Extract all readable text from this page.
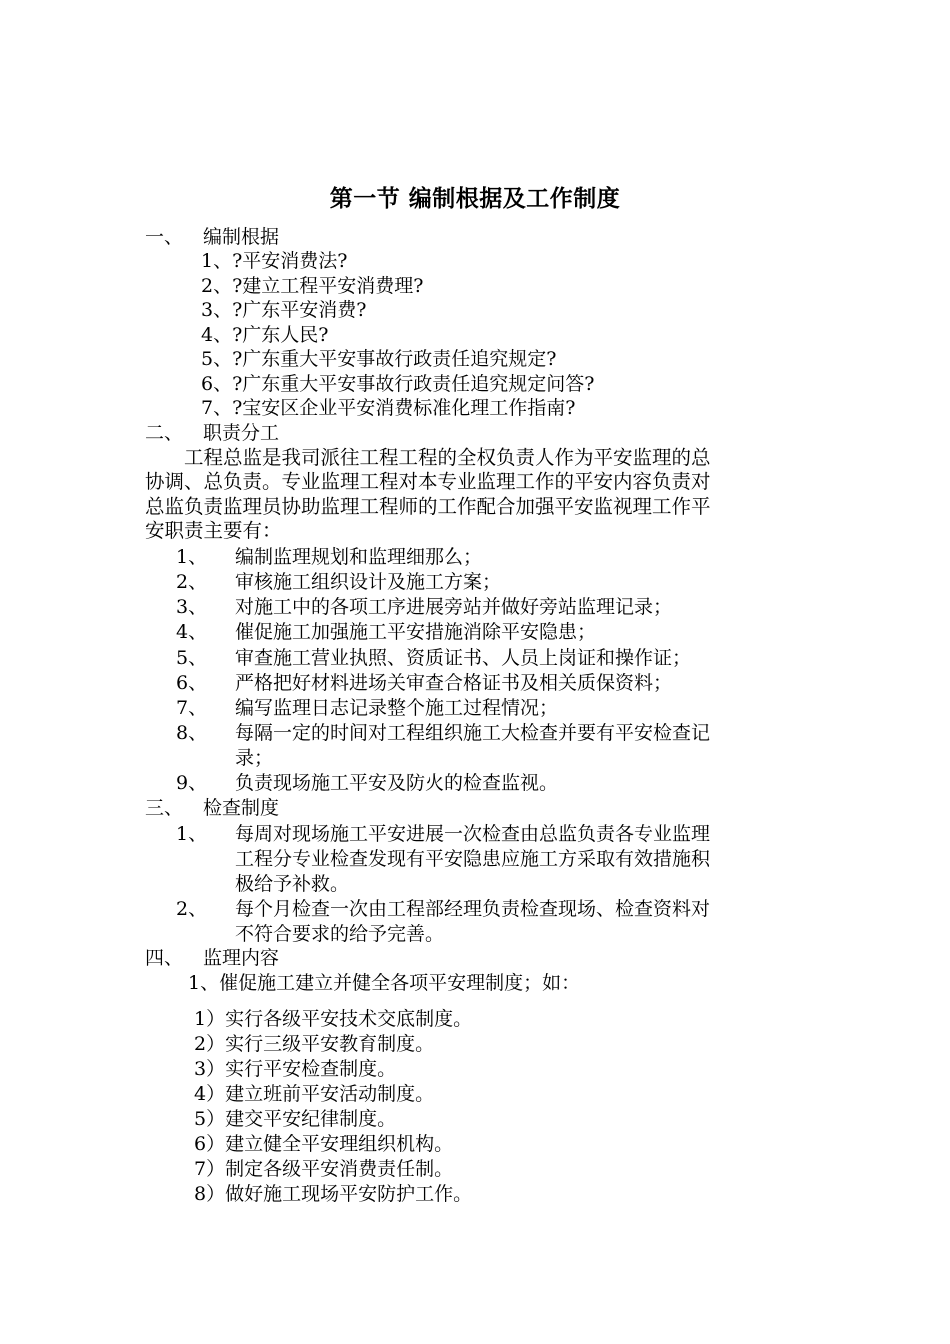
第一节 编制根据及工作制度
一、 编制根据
1、?平安消费法?
2、?建立工程平安消费理?
3、?广东平安消费?
4、?广东人民?
5、?广东重大平安事故行政责任追究规定?
6、?广东重大平安事故行政责任追究规定问答?
7、?宝安区企业平安消费标准化理工作指南?
二、 职责分工

　　工程总监是我司派往工程工程的全权负责人作为平安监理的总

协调、总负责。专业监理工程对本专业监理工作的平安内容负责对

总监负责监理员协助监理工程师的工作配合加强平安监视理工作平

安职责主要有：

1、 编制监理规划和监理细那么；
2、 审核施工组织设计及施工方案；
3、 对施工中的各项工序进展旁站并做好旁站监理记录；
4、 催促施工加强施工平安措施消除平安隐患；
5、 审查施工营业执照、资质证书、人员上岗证和操作证；
6、 严格把好材料进场关审查合格证书及相关质保资料；
7、 编写监理日志记录整个施工过程情况；
8、 每隔一定的时间对工程组织施工大检查并要有平安检查记
录；
9、 负责现场施工平安及防火的检查监视。
三、 检查制度
1、 每周对现场施工平安进展一次检查由总监负责各专业监理
工程分专业检查发现有平安隐患应施工方采取有效措施积
极给予补救。
2、 每个月检查一次由工程部经理负责检查现场、检查资料对
不符合要求的给予完善。
四、 监理内容
1、催促施工建立并健全各项平安理制度；如：
1）实行各级平安技术交底制度。
2）实行三级平安教育制度。
3）实行平安检查制度。
4）建立班前平安活动制度。
5）建交平安纪律制度。
6）建立健全平安理组织机构。
7）制定各级平安消费责任制。
8）做好施工现场平安防护工作。
